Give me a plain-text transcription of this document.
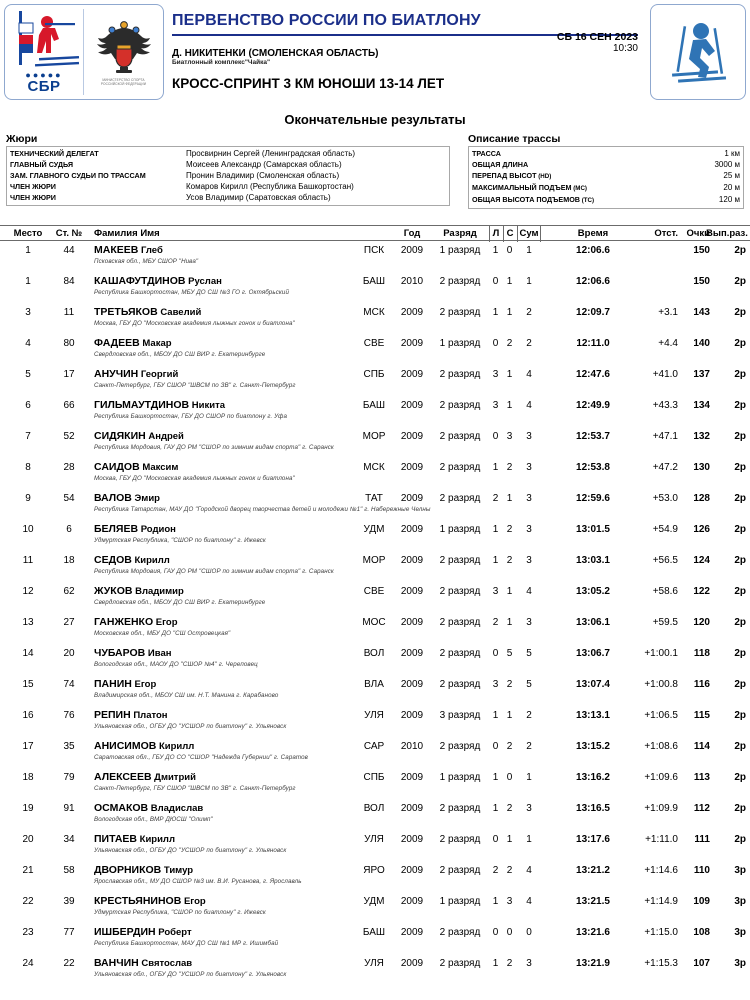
●●●●●
СБР	МИНИСТЕРСТВО СПОРТА
РОССИЙСКОЙ ФЕДЕРАЦИИ
ПЕРВЕНСТВО РОССИИ ПО БИАТЛОНУ
СБ 16 СЕН 2023
10:30
Д. НИКИТЕНКИ (СМОЛЕНСКАЯ ОБЛАСТЬ)
Биатлонный комплекс"Чайка"
КРОСС-СПРИНТ 3 КМ ЮНОШИ 13-14 ЛЕТ
Окончательные результаты
Жюри
ТЕХНИЧЕСКИЙ ДЕЛЕГАТ	Просвирнин Сергей (Ленинградская область)
ГЛАВНЫЙ СУДЬЯ	Моисеев Александр (Самарская область)
ЗАМ. ГЛАВНОГО СУДЬИ ПО ТРАССАМ	Пронин Владимир (Смоленская область)
ЧЛЕН ЖЮРИ	Комаров Кирилл (Республика Башкортостан)
ЧЛЕН ЖЮРИ	Усов Владимир (Саратовская область)
Описание трассы
ТРАССА	1 км
ОБЩАЯ ДЛИНА	3000 м
ПЕРЕПАД ВЫСОТ (HD)	25 м
МАКСИМАЛЬНЫЙ ПОДЪЕМ (MC)	20 м
ОБЩАЯ ВЫСОТА ПОДЪЕМОВ (TC)	120 м
Место	Ст. №	Фамилия Имя	Год	Разряд	Л С Сум	Время	Отст. Очки
Вып.раз.
1	44	МАКЕЕВ Глеб	ПСК	2009	1 разряд	1 0	1	12:06.6	150	2р
Псковская обл., МБУ СШОР "Нива"
1	84	КАШАФУТДИНОВ Руслан	БАШ	2010	2 разряд	0 1	1	12:06.6	150	2р
Республика Башкортостан, МБУ ДО СШ №3 ГО г. Октябрьский
3	11	ТРЕТЬЯКОВ Савелий	МСК	2009	2 разряд	1 1	2	12:09.7	+3.1	143	2р
Москва, ГБУ ДО "Московская академия лыжных гонок и биатлона"
4	80	ФАДЕЕВ Макар	СВЕ	2009	1 разряд	0 2	2	12:11.0	+4.4	140	2р
Свердловская обл., МБОУ ДО СШ ВИР г. Екатеринбурге
5	17	АНУЧИН Георгий	СПБ	2009	2 разряд	3 1	4	12:47.6	+41.0	137	2р
Санкт-Петербург, ГБУ СШОР "ШВСМ по ЗВ" г. Санкт-Петербург
6	66	ГИЛЬМАУТДИНОВ Никита	БАШ	2009	2 разряд	3 1	4	12:49.9	+43.3	134	2р
Республика Башкортостан, ГБУ ДО СШОР по биатлону г. Уфа
7	52	СИДЯКИН Андрей	МОР	2009	2 разряд	0 3	3	12:53.7	+47.1	132	2р
Республика Мордовия, ГАУ ДО РМ "СШОР по зимним видам спорта" г. Саранск
8	28	САИДОВ Максим	МСК	2009	2 разряд	1 2	3	12:53.8	+47.2	130	2р
Москва, ГБУ ДО "Московская академия лыжных гонок и биатлона"
9	54	ВАЛОВ Эмир	ТАТ	2009	2 разряд	2 1	3	12:59.6	+53.0	128	2р
Республика Татарстан, МАУ ДО "Городской дворец творчества детей и молодежи №1" г. Набережные Челны
10	6	БЕЛЯЕВ Родион	УДМ	2009	1 разряд	1 2	3	13:01.5	+54.9	126	2р
Удмуртская Республика, "СШОР по биатлону" г. Ижевск
11	18	СЕДОВ Кирилл	МОР	2009	2 разряд	1 2	3	13:03.1	+56.5	124	2р
Республика Мордовия, ГАУ ДО РМ "СШОР по зимним видам спорта" г. Саранск
12	62	ЖУКОВ Владимир	СВЕ	2009	2 разряд	3 1	4	13:05.2	+58.6	122	2р
Свердловская обл., МБОУ ДО СШ ВИР г. Екатеринбурге
13	27	ГАНЖЕНКО Егор	МОС	2009	2 разряд	2 1	3	13:06.1	+59.5	120	2р
Московская обл., МБУ ДО "СШ Островецкая"
14	20	ЧУБАРОВ Иван	ВОЛ	2009	2 разряд	0 5	5	13:06.7	+1:00.1	118	2р
Вологодская обл., МАОУ ДО "СШОР №4" г. Череповец
15	74	ПАНИН Егор	ВЛА	2009	2 разряд	3 2	5	13:07.4	+1:00.8	116	2р
Владимирская обл., МБОУ СШ им. Н.Т. Манина г. Карабаново
16	76	РЕПИН Платон	УЛЯ	2009	3 разряд	1 1	2	13:13.1	+1:06.5	115	2р
Ульяновская обл., ОГБУ ДО "УСШОР по биатлону" г. Ульяновск
17	35	АНИСИМОВ Кирилл	САР	2010	2 разряд	0 2	2	13:15.2	+1:08.6	114	2р
Саратовская обл., ГБУ ДО СО "СШОР "Надежда Губернии" г. Саратов
18	79	АЛЕКСЕЕВ Дмитрий	СПБ	2009	1 разряд	1 0	1	13:16.2	+1:09.6	113	2р
Санкт-Петербург, ГБУ СШОР "ШВСМ по ЗВ" г. Санкт-Петербург
19	91	ОСМАКОВ Владислав	ВОЛ	2009	2 разряд	1 2	3	13:16.5	+1:09.9	112	2р
Вологодская обл., ВМР ДЮСШ "Олимп"
20	34	ПИТАЕВ Кирилл	УЛЯ	2009	2 разряд	0 1	1	13:17.6	+1:11.0	111	2р
Ульяновская обл., ОГБУ ДО "УСШОР по биатлону" г. Ульяновск
21	58	ДВОРНИКОВ Тимур	ЯРО	2009	2 разряд	2 2	4	13:21.2	+1:14.6	110	3р
Ярославская обл., МУ ДО СШОР №3 им. В.И. Русанова, г. Ярославль
22	39	КРЕСТЬЯНИНОВ Егор	УДМ	2009	1 разряд	1 3	4	13:21.5	+1:14.9	109	3р
Удмуртская Республика, "СШОР по биатлону" г. Ижевск
23	77	ИШБЕРДИН Роберт	БАШ	2009	2 разряд	0 0	0	13:21.6	+1:15.0	108	3р
Республика Башкортостан, МАУ ДО СШ №1 МР г. Ишимбай
24	22	ВАНЧИН Святослав	УЛЯ	2009	2 разряд	1 2	3	13:21.9	+1:15.3	107	3р
Ульяновская обл., ОГБУ ДО "УСШОР по биатлону" г. Ульяновск
